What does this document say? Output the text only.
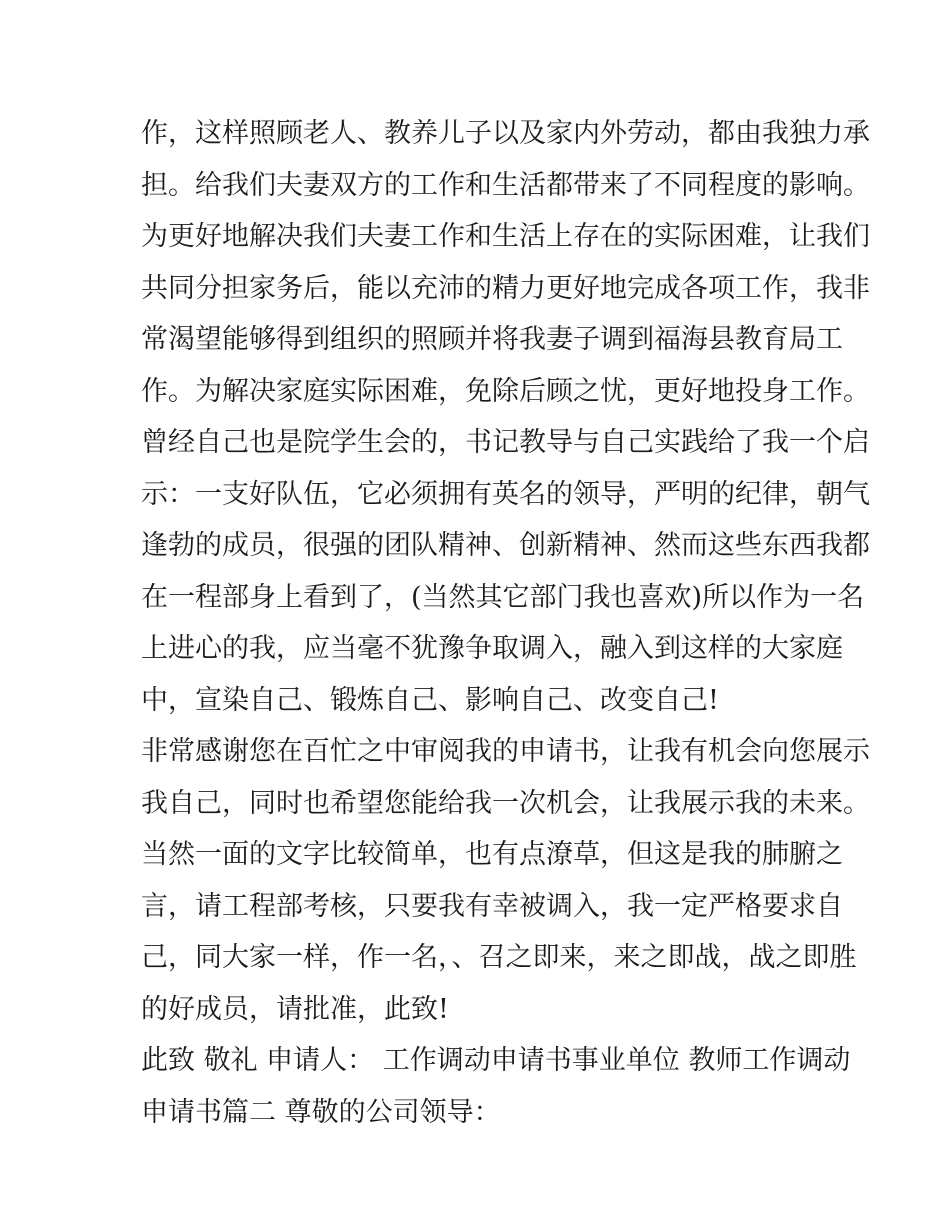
作，这样照顾老人、教养儿子以及家内外劳动，都由我独力承
担。给我们夫妻双方的工作和生活都带来了不同程度的影响。
为更好地解决我们夫妻工作和生活上存在的实际困难，让我们
共同分担家务后，能以充沛的精力更好地完成各项工作，我非
常渴望能够得到组织的照顾并将我妻子调到福海县教育局工
作。为解决家庭实际困难，免除后顾之忧，更好地投身工作。
曾经自己也是院学生会的，书记教导与自己实践给了我一个启
示：一支好队伍，它必须拥有英名的领导，严明的纪律，朝气
逢勃的成员，很强的团队精神、创新精神、然而这些东西我都
在一程部身上看到了，(当然其它部门我也喜欢)所以作为一名
上进心的我，应当毫不犹豫争取调入，融入到这样的大家庭
中，宣染自己、锻炼自己、影响自己、改变自己!
非常感谢您在百忙之中审阅我的申请书，让我有机会向您展示
我自己，同时也希望您能给我一次机会，让我展示我的未来。
当然一面的文字比较简单，也有点潦草，但这是我的肺腑之
言，请工程部考核，只要我有幸被调入，我一定严格要求自
己，同大家一样，作一名，、召之即来，来之即战，战之即胜
的好成员，请批准，此致!
此致 敬礼 申请人： 工作调动申请书事业单位 教师工作调动
申请书篇二 尊敬的公司领导：
